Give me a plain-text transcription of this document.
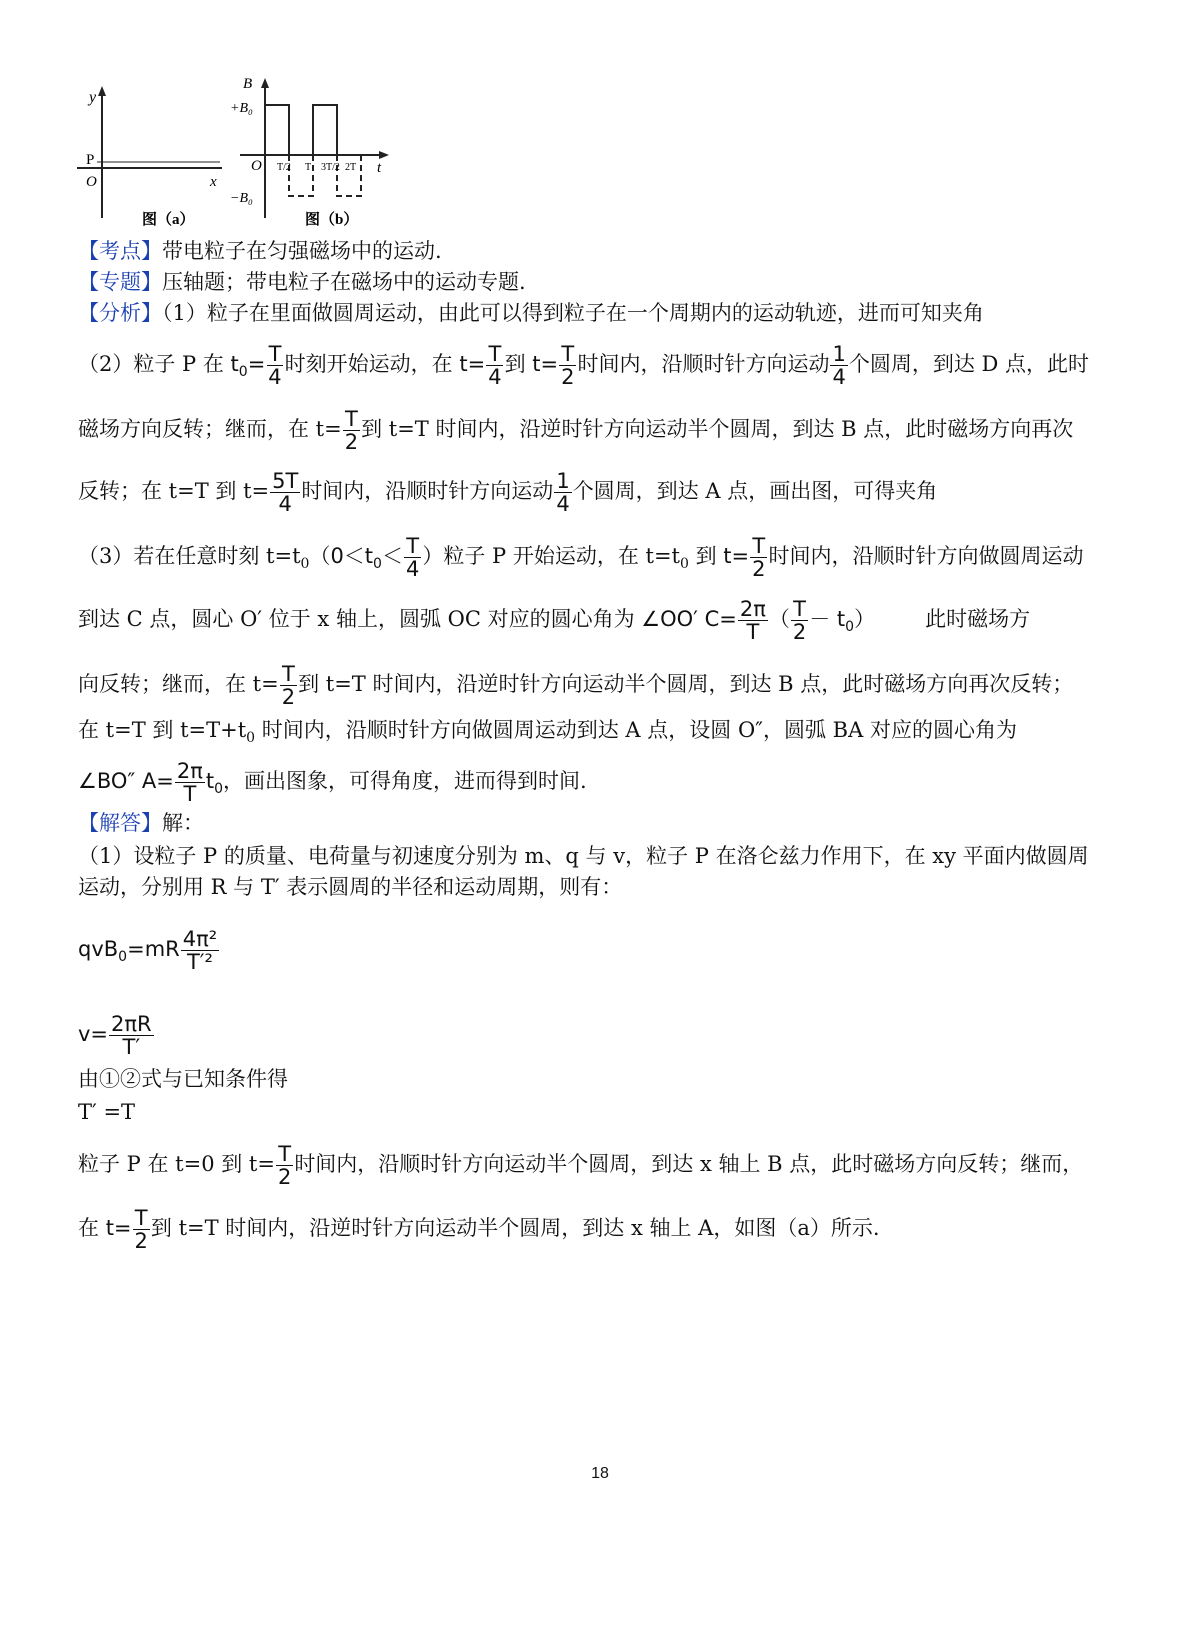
y
P
O	x
图（a）
B
+B₀
O
−B₀
t
T/2 T 3T/2 2T
图（b）
【考点】带电粒子在匀强磁场中的运动.
【专题】压轴题；带电粒子在磁场中的运动专题.
【分析】（1）粒子在里面做圆周运动，由此可以得到粒子在一个周期内的运动轨迹，进而可知夹角
（2）粒子 P 在 $t_0= \frac{T}{4}$ 时刻开始运动，在 $t= \frac{T}{4}$ 到 $t= \frac{T}{2}$ 时间内，沿顺时针方向运动 $\frac{1}{4}$ 个圆周，到达 D 点，此时
磁场方向反转；继而，在 $t= \frac{T}{2}$ 到 t=T 时间内，沿逆时针方向运动半个圆周，到达 B 点，此时磁场方向再次
反转；在 t=T 到 $t= \frac{5T}{4}$ 时间内，沿顺时针方向运动 $\frac{1}{4}$ 个圆周，到达 A 点，画出图，可得夹角
（3）若在任意时刻 $t=t_0(0<t_0< \frac{T}{4}$ ）粒子 P 开始运动，在 $t=t_0$ 到 $t= \frac{T}{2}$ 时间内，沿顺时针方向做圆周运动
到达 C 点，圆心 O′ 位于 x 轴上，圆弧 OC 对应的圆心角为 ∠OO′ $C= \frac{2\pi}{T}$ （ $\frac{T}{2} - t_0$） 此时磁场方
向反转；继而，在 $t= \frac{T}{2}$ 到 t=T 时间内，沿逆时针方向运动半个圆周，到达 B 点，此时磁场方向再次反转；
在 t=T 到 $t=T+t_0$ 时间内，沿顺时针方向做圆周运动到达 A 点，设圆 O″，圆弧 BA 对应的圆心角为
∠BO″ $A= \frac{2\pi}{T} t_0$，画出图象，可得角度，进而得到时间.
【解答】解：
（1）设粒子 P 的质量、电荷量与初速度分别为 m、q 与 v，粒子 P 在洛仑兹力作用下，在 xy 平面内做圆周
运动，分别用 R 与 T′ 表示圆周的半径和运动周期，则有：
$qvB_0=mR \frac{\text{4π²}}{\text{T′²}}$
$v= \frac{2\pi R}{T'}$
由①②式与已知条件得
T′ =T
粒子 P 在 t=0 到 $t= \frac{T}{2}$ 时间内，沿顺时针方向运动半个圆周，到达 x 轴上 B 点，此时磁场方向反转；继而，
在 $t= \frac{T}{2}$ 到 t=T 时间内，沿逆时针方向运动半个圆周，到达 x 轴上 A，如图（a）所示.
18
